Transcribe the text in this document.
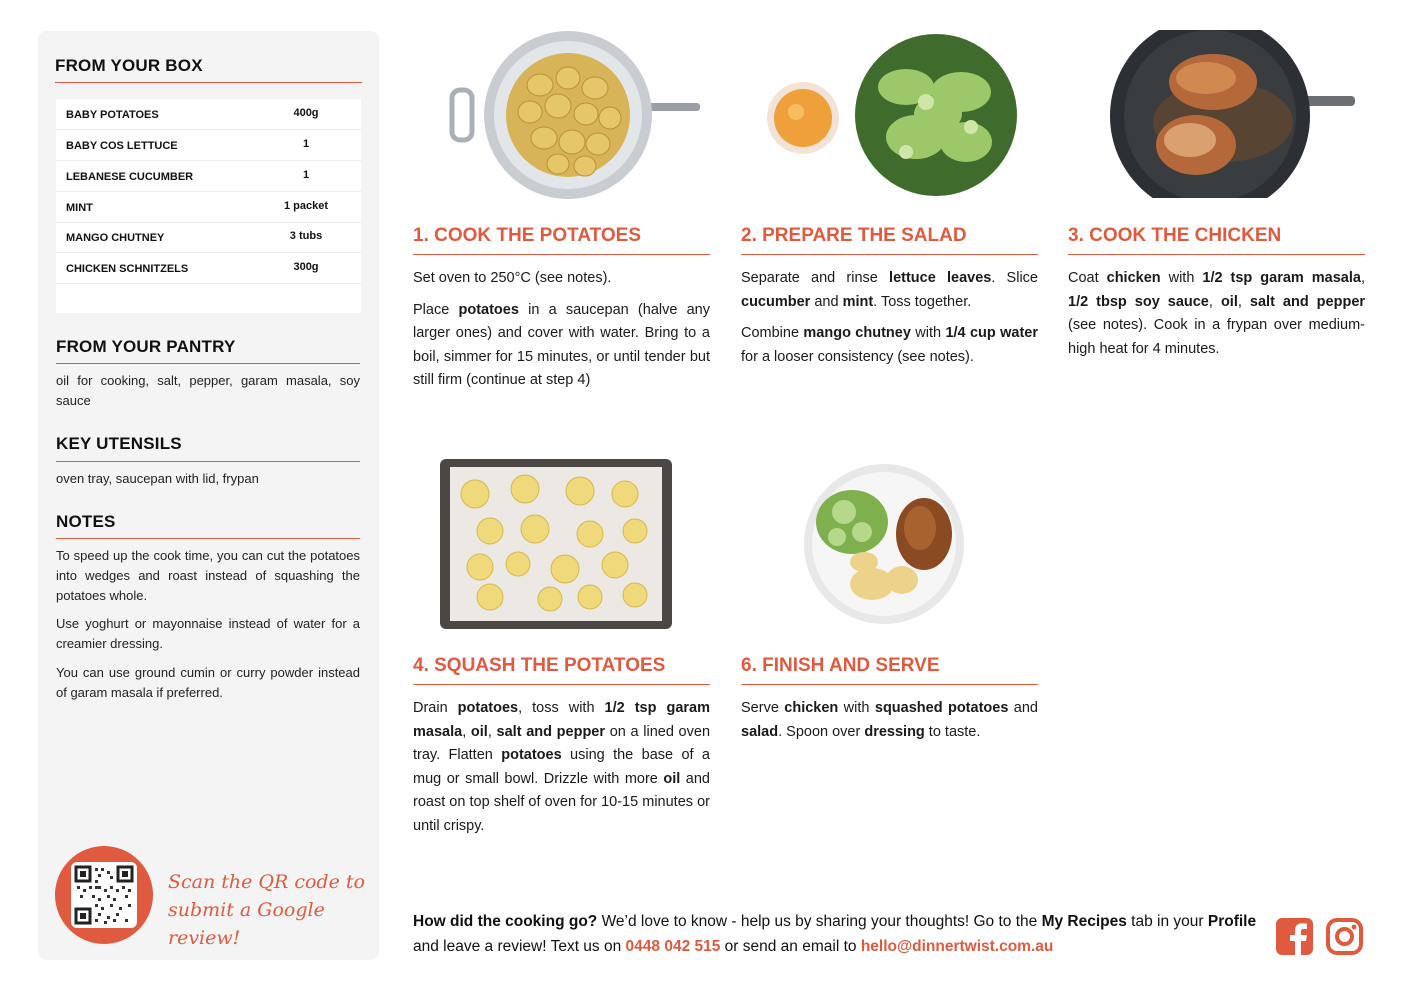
FROM YOUR BOX
BABY POTATOES	400g
BABY COS LETTUCE	1
LEBANESE CUCUMBER	1
MINT	1 packet
MANGO CHUTNEY	3 tubs
CHICKEN SCHNITZELS	300g
FROM YOUR PANTRY
oil for cooking, salt, pepper, garam masala, soy sauce
KEY UTENSILS
oven tray, saucepan with lid, frypan
NOTES
To speed up the cook time, you can cut the potatoes into wedges and roast instead of squashing the potatoes whole.
Use yoghurt or mayonnaise instead of water for a creamier dressing.
You can use ground cumin or curry powder instead of garam masala if preferred.
Scan the QR code to
submit a Google review!
1. COOK THE POTATOES

Set oven to 250°C (see notes).

Place potatoes in a saucepan (halve any larger ones) and cover with water. Bring to a boil, simmer for 15 minutes, or until tender but still firm (continue at step 4)

2. PREPARE THE SALAD

Separate and rinse lettuce leaves. Slice cucumber and mint. Toss together.

Combine mango chutney with 1/4 cup water for a looser consistency (see notes).

3. COOK THE CHICKEN

Coat chicken with 1/2 tsp garam masala, 1/2 tbsp soy sauce, oil, salt and pepper (see notes). Cook in a frypan over medium-high heat for 4 minutes.

4. SQUASH THE POTATOES

Drain potatoes, toss with 1/2 tsp garam masala, oil, salt and pepper on a lined oven tray. Flatten potatoes using the base of a mug or small bowl. Drizzle with more oil and roast on top shelf of oven for 10-15 minutes or until crispy.

6. FINISH AND SERVE

Serve chicken with squashed potatoes and salad. Spoon over dressing to taste.

How did the cooking go? We’d love to know - help us by sharing your thoughts! Go to the My Recipes tab in your Profile and leave a review! Text us on 0448 042 515 or send an email to hello@dinnertwist.com.au
